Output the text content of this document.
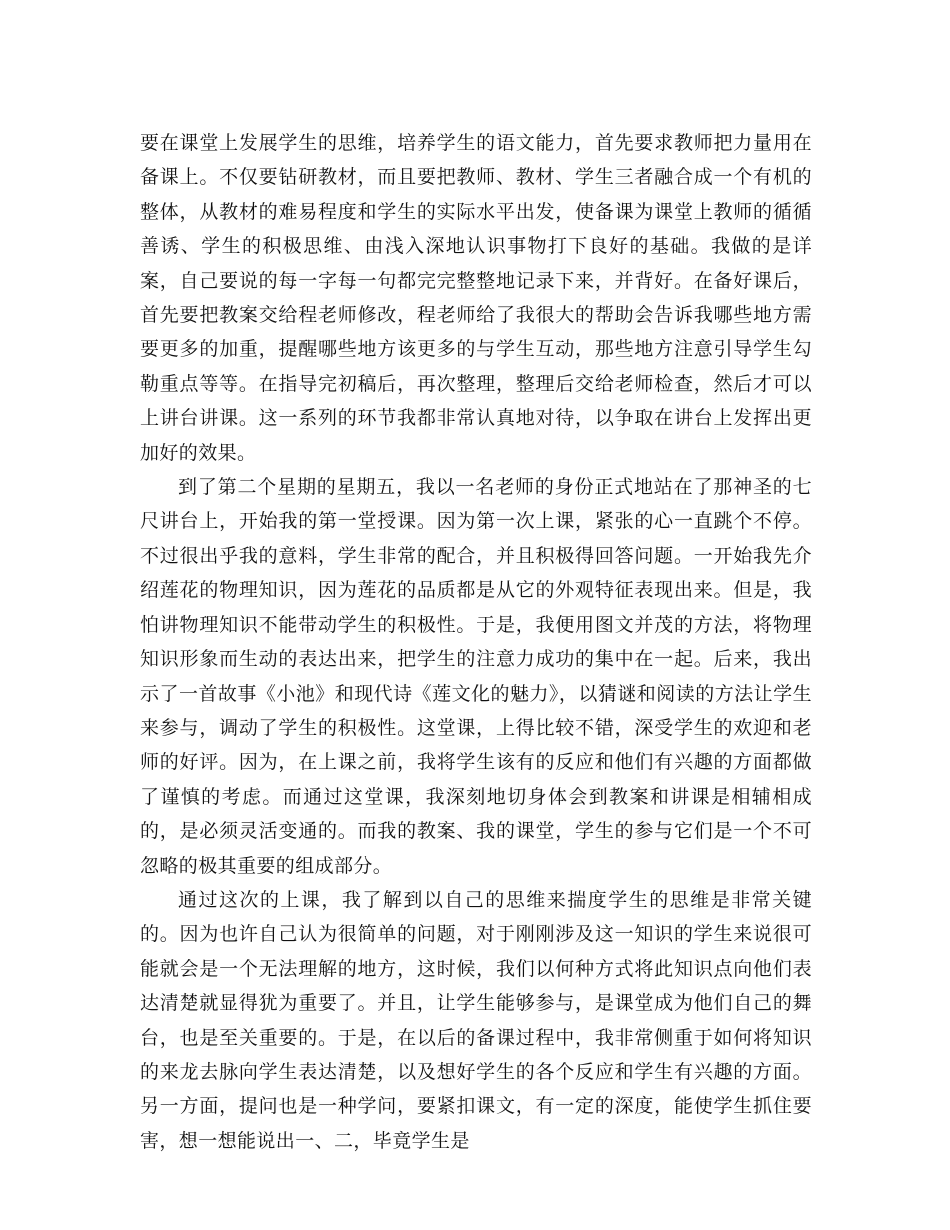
要在课堂上发展学生的思维，培养学生的语文能力，首先要求教师把力量用在备课上。不仅要钻研教材，而且要把教师、教材、学生三者融合成一个有机的整体，从教材的难易程度和学生的实际水平出发，使备课为课堂上教师的循循善诱、学生的积极思维、由浅入深地认识事物打下良好的基础。我做的是详案，自己要说的每一字每一句都完完整整地记录下来，并背好。在备好课后，首先要把教案交给程老师修改，程老师给了我很大的帮助会告诉我哪些地方需要更多的加重，提醒哪些地方该更多的与学生互动，那些地方注意引导学生勾勒重点等等。在指导完初稿后，再次整理，整理后交给老师检查，然后才可以上讲台讲课。这一系列的环节我都非常认真地对待，以争取在讲台上发挥出更加好的效果。

到了第二个星期的星期五，我以一名老师的身份正式地站在了那神圣的七尺讲台上，开始我的第一堂授课。因为第一次上课，紧张的心一直跳个不停。不过很出乎我的意料，学生非常的配合，并且积极得回答问题。一开始我先介绍莲花的物理知识，因为莲花的品质都是从它的外观特征表现出来。但是，我怕讲物理知识不能带动学生的积极性。于是，我便用图文并茂的方法，将物理知识形象而生动的表达出来，把学生的注意力成功的集中在一起。后来，我出示了一首故事《小池》和现代诗《莲文化的魅力》，以猜谜和阅读的方法让学生来参与，调动了学生的积极性。这堂课，上得比较不错，深受学生的欢迎和老师的好评。因为，在上课之前，我将学生该有的反应和他们有兴趣的方面都做了谨慎的考虑。而通过这堂课，我深刻地切身体会到教案和讲课是相辅相成的，是必须灵活变通的。而我的教案、我的课堂，学生的参与它们是一个不可忽略的极其重要的组成部分。

通过这次的上课，我了解到以自己的思维来揣度学生的思维是非常关键的。因为也许自己认为很简单的问题，对于刚刚涉及这一知识的学生来说很可能就会是一个无法理解的地方，这时候，我们以何种方式将此知识点向他们表达清楚就显得犹为重要了。并且，让学生能够参与，是课堂成为他们自己的舞台，也是至关重要的。于是，在以后的备课过程中，我非常侧重于如何将知识的来龙去脉向学生表达清楚，以及想好学生的各个反应和学生有兴趣的方面。另一方面，提问也是一种学问，要紧扣课文，有一定的深度，能使学生抓住要害，想一想能说出一、二，毕竟学生是
